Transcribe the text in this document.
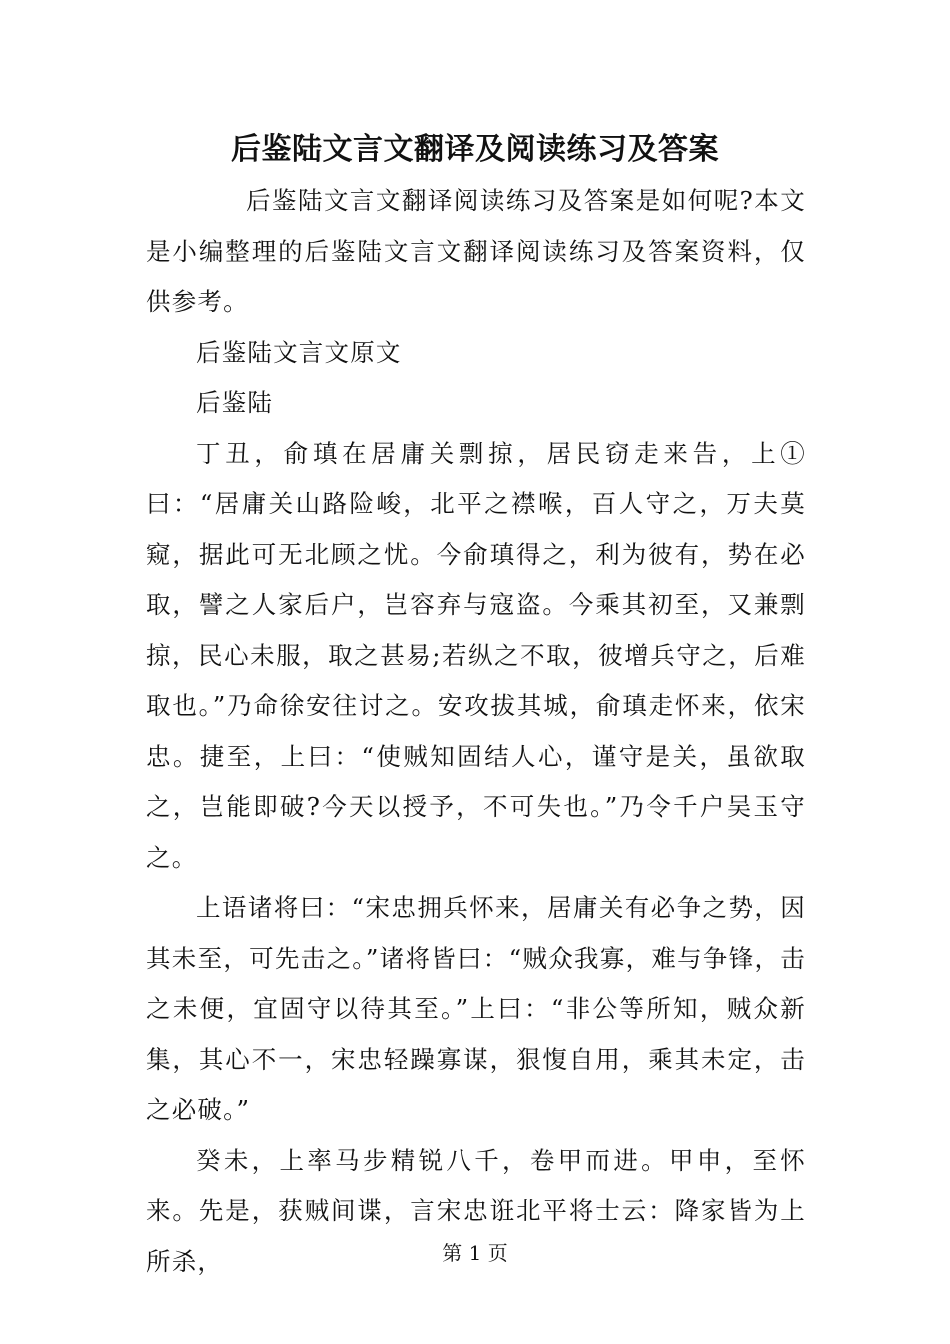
后鉴陆文言文翻译及阅读练习及答案

后鉴陆文言文翻译阅读练习及答案是如何呢?本文是小编整理的后鉴陆文言文翻译阅读练习及答案资料，仅供参考。

后鉴陆文言文原文

后鉴陆

丁丑，俞瑱在居庸关剽掠，居民窃走来告，上①曰：“居庸关山路险峻，北平之襟喉，百人守之，万夫莫窥，据此可无北顾之忧。今俞瑱得之，利为彼有，势在必取，譬之人家后户，岂容弃与寇盗。今乘其初至，又兼剽掠，民心未服，取之甚易;若纵之不取，彼增兵守之，后难取也。”乃命徐安往讨之。安攻拔其城，俞瑱走怀来，依宋忠。捷至，上曰：“使贼知固结人心，谨守是关，虽欲取之，岂能即破?今天以授予，不可失也。”乃令千户吴玉守之。

上语诸将曰：“宋忠拥兵怀来，居庸关有必争之势，因其未至，可先击之。”诸将皆曰：“贼众我寡，难与争锋，击之未便，宜固守以待其至。”上曰：“非公等所知，贼众新集，其心不一，宋忠轻躁寡谋，狠愎自用，乘其未定，击之必破。”

癸未，上率马步精锐八千，卷甲而进。甲申，至怀来。先是，获贼间谍，言宋忠诳北平将士云：降家皆为上所杀，	第 1 页
